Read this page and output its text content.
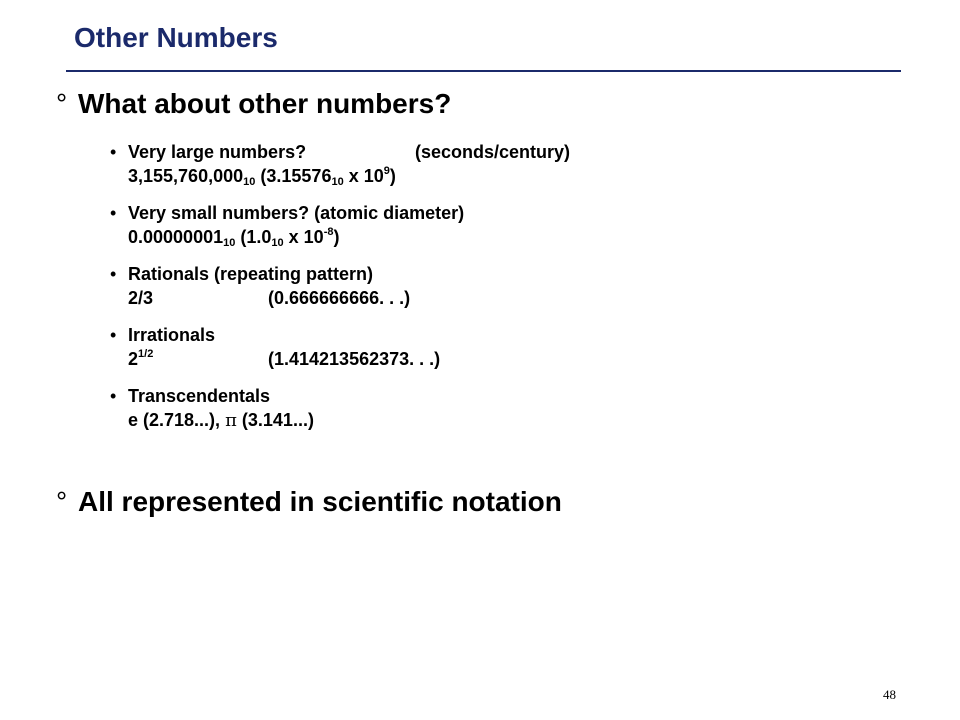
Other Numbers
° What about other numbers?
• Very large numbers?	(seconds/century)
$3,155,760,000_{10}$ ($3.15576_{10}$ x $10^9$)
• Very small numbers? (atomic diameter)
$0.00000001_{10}$ ($1.0_{10}$ x $10^{-8}$)
• Rationals (repeating pattern)
2/3	(0.666666666. . .)
• Irrationals
$2^{1/2}$	(1.414213562373. . .)
• Transcendentals
e (2.718...), π (3.141...)
° All represented in scientific notation
48
